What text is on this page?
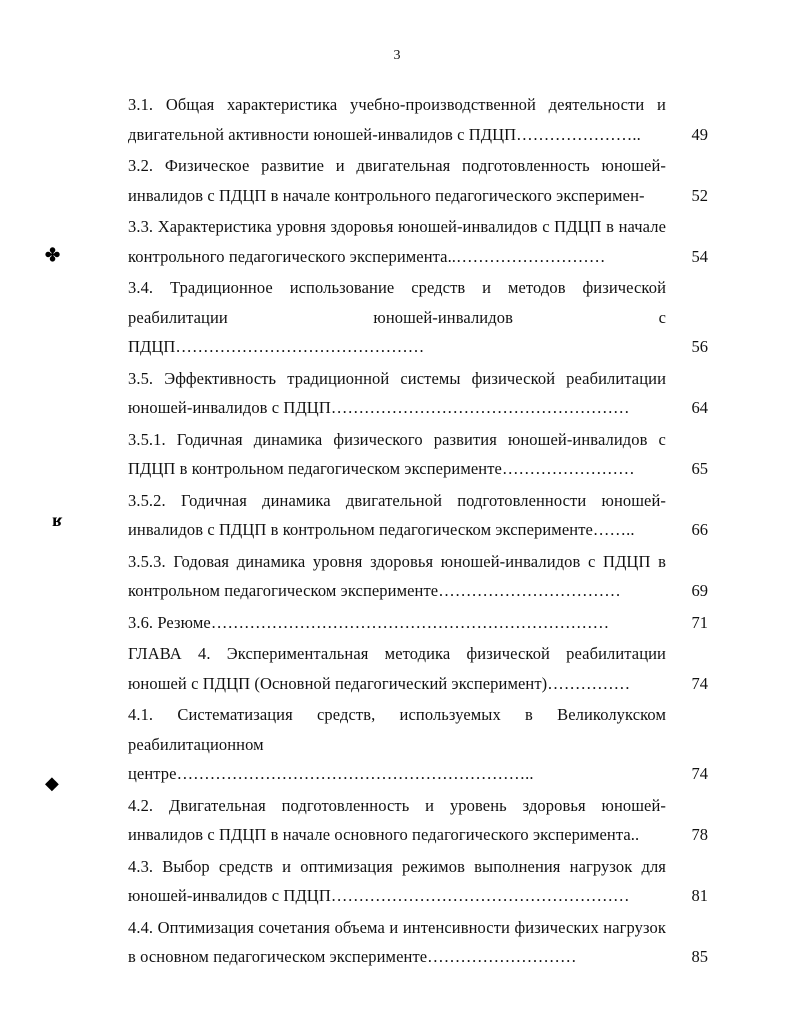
3
✤
ʁ
◆
3.1. Общая характеристика учебно-производственной деятельности и двигательной активности юношей-инвалидов с ПДЦП…………………..	49
3.2. Физическое развитие и двигательная подготовленность юношей-инвалидов с ПДЦП в начале контрольного педагогического эксперимен-	52
3.3. Характеристика уровня здоровья юношей-инвалидов с ПДЦП в начале контрольного педагогического эксперимента..………………………	54
3.4. Традиционное использование средств и методов физической реабилитации юношей-инвалидов с ПДЦП………………………………………	56
3.5. Эффективность традиционной системы физической реабилитации юношей-инвалидов с ПДЦП………………………………………………	64
3.5.1. Годичная динамика физического развития юношей-инвалидов с ПДЦП в контрольном педагогическом эксперименте……………………	65
3.5.2. Годичная динамика двигательной подготовленности юношей-инвалидов с ПДЦП в контрольном педагогическом эксперименте……..	66
3.5.3. Годовая динамика уровня здоровья юношей-инвалидов с ПДЦП в контрольном педагогическом эксперименте……………………………	69
3.6. Резюме………………………………………………………………	71
ГЛАВА 4. Экспериментальная методика физической реабилитации юношей с ПДЦП (Основной педагогический эксперимент)……………	74
4.1. Систематизация средств, используемых в Великолукском реабилитационном центре………………………………………………………..	74
4.2. Двигательная подготовленность и уровень здоровья юношей-инвалидов с ПДЦП в начале основного педагогического эксперимента..	78
4.3. Выбор средств и оптимизация режимов выполнения нагрузок для юношей-инвалидов с ПДЦП………………………………………………	81
4.4. Оптимизация сочетания объема и интенсивности физических нагрузок в основном педагогическом эксперименте………………………	85
